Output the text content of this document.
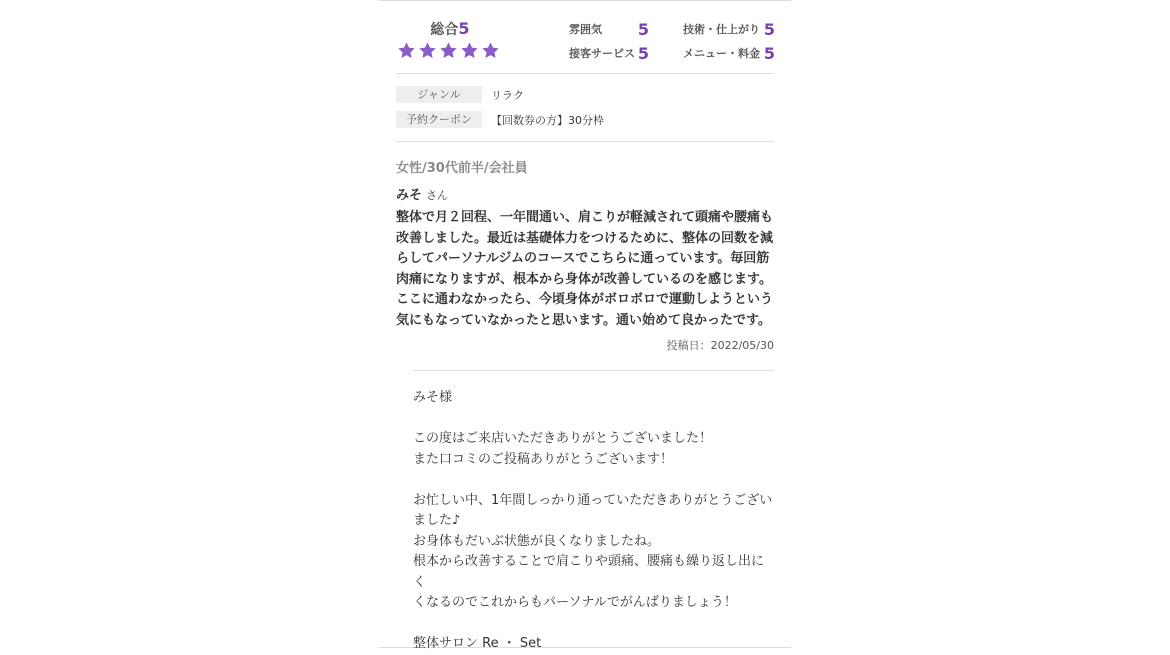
総合5	雰囲気 5	技術・仕上がり 5
接客サービス 5	メニュー・料金 5
ジャンル	リラク
予約クーポン	【回数券の方】30分枠
女性/30代前半/会社員
みそ さん
整体で月２回程、一年間通い、肩こりが軽減されて頭痛や腰痛も
改善しました。最近は基礎体力をつけるために、整体の回数を減
らしてパーソナルジムのコースでこちらに通っています。毎回筋
肉痛になりますが、根本から身体が改善しているのを感じます。
ここに通わなかったら、今頃身体がボロボロで運動しようという
気にもなっていなかったと思います。通い始めて良かったです。
投稿日：2022/05/30

みそ様

この度はご来店いただきありがとうございました！

また口コミのご投稿ありがとうございます！

お忙しい中、1年間しっかり通っていただきありがとうござい

ました♪

お身体もだいぶ状態が良くなりましたね。

根本から改善することで肩こりや頭痛、腰痛も繰り返し出にく

くなるのでこれからもパーソナルでがんばりましょう！

整体サロン Re ・ Set
